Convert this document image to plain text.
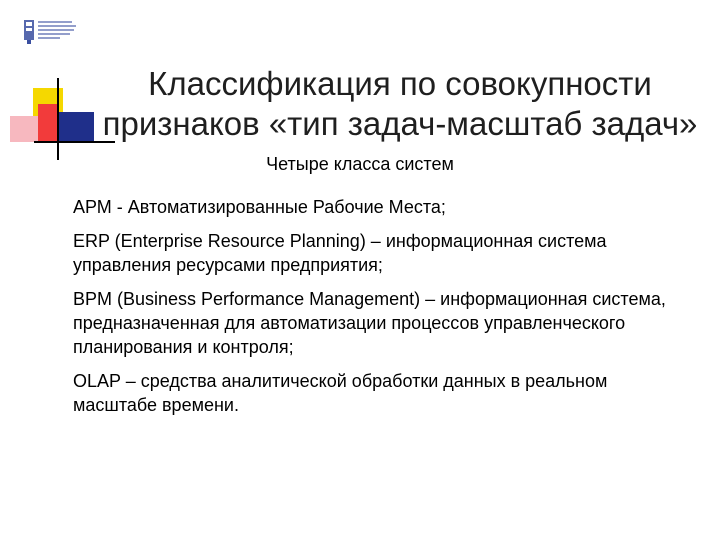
Классификация по совокупности признаков «тип задач-масштаб задач»
Четыре класса систем
АРМ - Автоматизированные Рабочие Места;
ERP (Enterprise Resource Planning) – информационная система управления ресурсами предприятия;
BPM (Business Performance Management) – информационная система, предназначенная для автоматизации процессов управленческого планирования и контроля;
OLAP – средства аналитической обработки данных в реальном масштабе времени.
